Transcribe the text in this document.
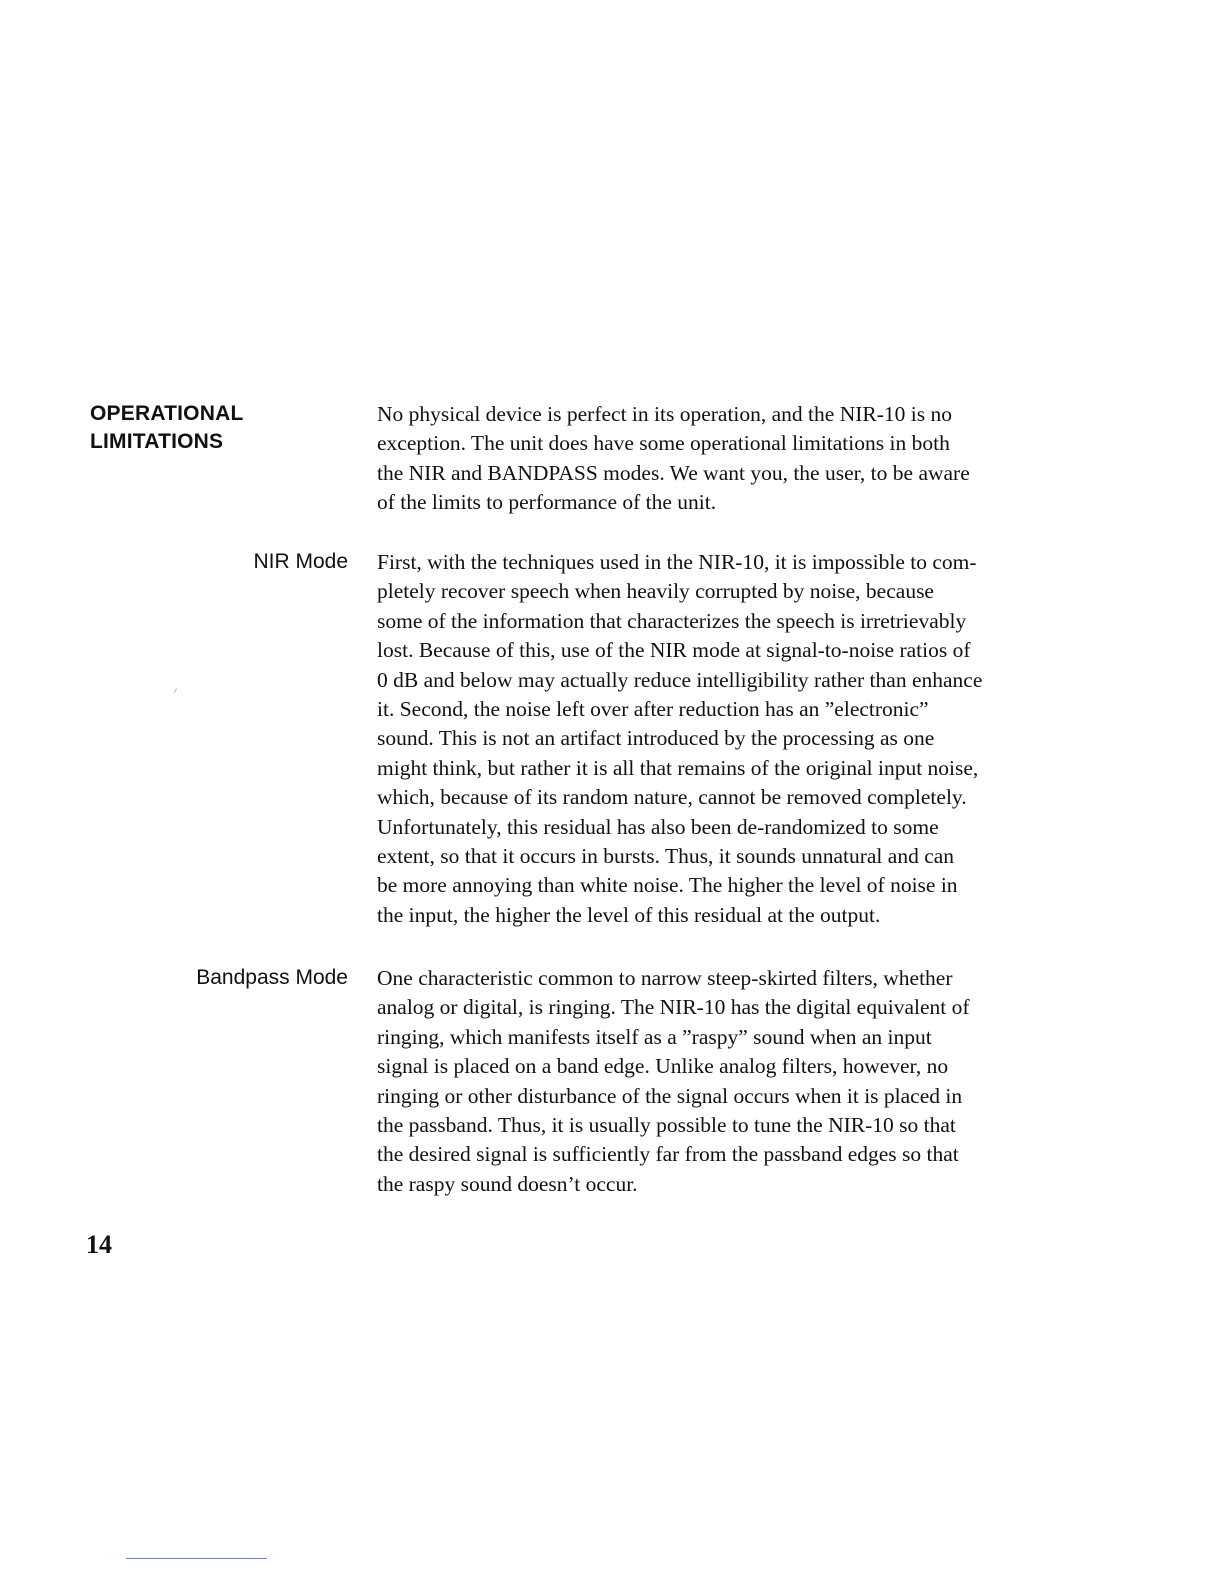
OPERATIONAL
LIMITATIONS

No physical device is perfect in its operation, and the NIR-10 is no
exception. The unit does have some operational limitations in both
the NIR and BANDPASS modes. We want you, the user, to be aware
of the limits to performance of the unit.

NIR Mode First, with the techniques used in the NIR-10, it is impossible to com-
pletely recover speech when heavily corrupted by noise, because
some of the information that characterizes the speech is irretrievably
lost. Because of this, use of the NIR mode at signal-to-noise ratios of
0 dB and below may actually reduce intelligibility rather than enhance
it. Second, the noise left over after reduction has an ”electronic”
sound. This is not an artifact introduced by the processing as one
might think, but rather it is all that remains of the original input noise,
which, because of its random nature, cannot be removed completely.
Unfortunately, this residual has also been de-randomized to some
extent, so that it occurs in bursts. Thus, it sounds unnatural and can
be more annoying than white noise. The higher the level of noise in
the input, the higher the level of this residual at the output.

Bandpass Mode One characteristic common to narrow steep-skirted filters, whether
analog or digital, is ringing. The NIR-10 has the digital equivalent of
ringing, which manifests itself as a ”raspy” sound when an input
signal is placed on a band edge. Unlike analog filters, however, no
ringing or other disturbance of the signal occurs when it is placed in
the passband. Thus, it is usually possible to tune the NIR-10 so that
the desired signal is sufficiently far from the passband edges so that
the raspy sound doesn’t occur.

14
